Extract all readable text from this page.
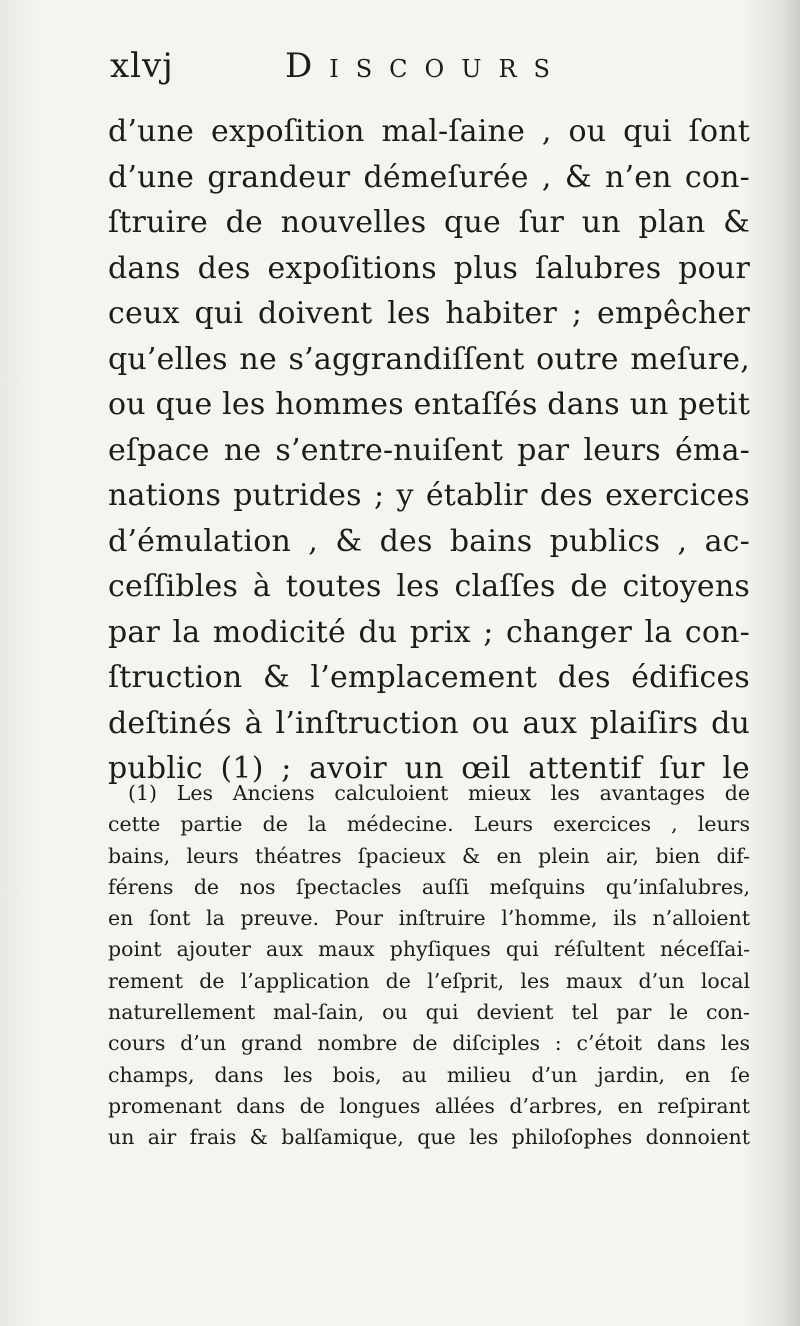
xlvj	Discours
d’une expoſition mal-ſaine , ou qui ſont
d’une grandeur démeſurée , & n’en con-
ſtruire de nouvelles que ſur un plan &
dans des expoſitions plus ſalubres pour
ceux qui doivent les habiter ; empêcher
qu’elles ne s’aggrandiſſent outre meſure,
ou que les hommes entaſſés dans un petit
eſpace ne s’entre-nuiſent par leurs éma-
nations putrides ; y établir des exercices
d’émulation , & des bains publics , ac-
ceſſibles à toutes les claſſes de citoyens
par la modicité du prix ; changer la con-
ſtruction & l’emplacement des édifices
deſtinés à l’inſtruction ou aux plaiſirs du
public (1) ; avoir un œil attentif ſur le
(1) Les Anciens calculoient mieux les avantages de
cette partie de la médecine. Leurs exercices , leurs
bains, leurs théatres ſpacieux & en plein air, bien dif-
férens de nos ſpectacles auſſi meſquins qu’inſalubres,
en ſont la preuve. Pour inſtruire l’homme, ils n’alloient
point ajouter aux maux phyſiques qui réſultent néceſſai-
rement de l’application de l’eſprit, les maux d’un local
naturellement mal-ſain, ou qui devient tel par le con-
cours d’un grand nombre de diſciples : c’étoit dans les
champs, dans les bois, au milieu d’un jardin, en ſe
promenant dans de longues allées d’arbres, en reſpirant
un air frais & balſamique, que les philoſophes donnoient
